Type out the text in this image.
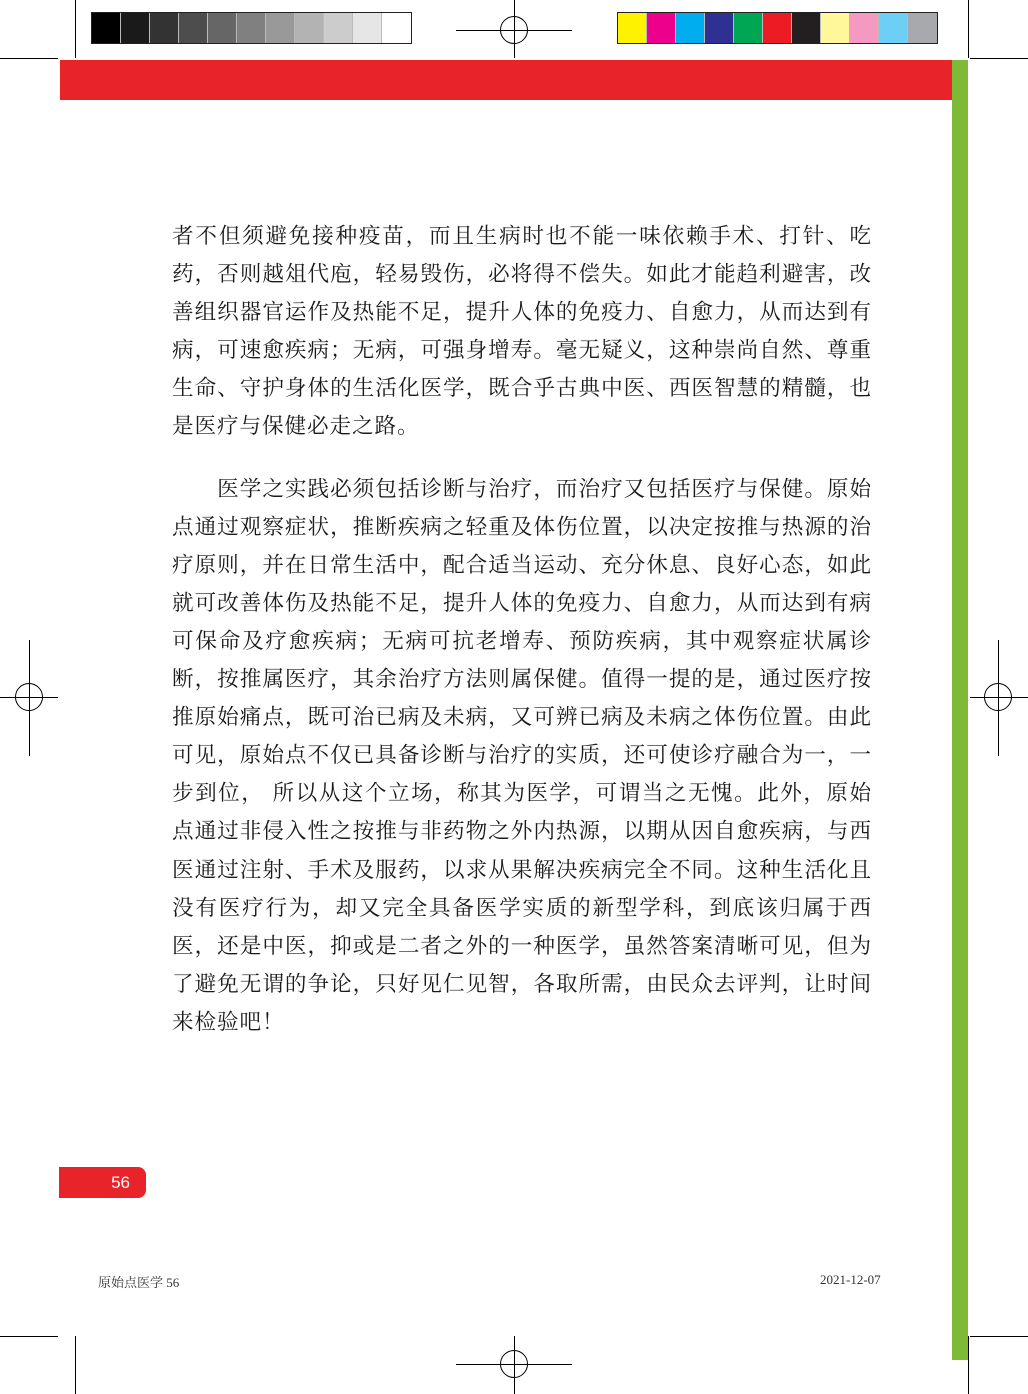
者不但须避免接种疫苗，而且生病时也不能一味依赖手术、打针、吃药，否则越俎代庖，轻易毁伤，必将得不偿失。如此才能趋利避害，改善组织器官运作及热能不足，提升人体的免疫力、自愈力，从而达到有病，可速愈疾病；无病，可强身增寿。毫无疑义，这种崇尚自然、尊重生命、守护身体的生活化医学，既合乎古典中医、西医智慧的精髓，也是医疗与保健必走之路。

　　医学之实践必须包括诊断与治疗，而治疗又包括医疗与保健。原始点通过观察症状，推断疾病之轻重及体伤位置，以决定按推与热源的治疗原则，并在日常生活中，配合适当运动、充分休息、良好心态，如此就可改善体伤及热能不足，提升人体的免疫力、自愈力，从而达到有病可保命及疗愈疾病；无病可抗老增寿、预防疾病，其中观察症状属诊断，按推属医疗，其余治疗方法则属保健。值得一提的是，通过医疗按推原始痛点，既可治已病及未病，又可辨已病及未病之体伤位置。由此可见，原始点不仅已具备诊断与治疗的实质，还可使诊疗融合为一，一步到位， 所以从这个立场，称其为医学，可谓当之无愧。此外，原始点通过非侵入性之按推与非药物之外内热源，以期从因自愈疾病，与西医通过注射、手术及服药，以求从果解决疾病完全不同。这种生活化且没有医疗行为，却又完全具备医学实质的新型学科，到底该归属于西医，还是中医，抑或是二者之外的一种医学，虽然答案清晰可见，但为了避免无谓的争论，只好见仁见智，各取所需，由民众去评判，让时间来检验吧！

56
原始点医学 56	2021-12-07
